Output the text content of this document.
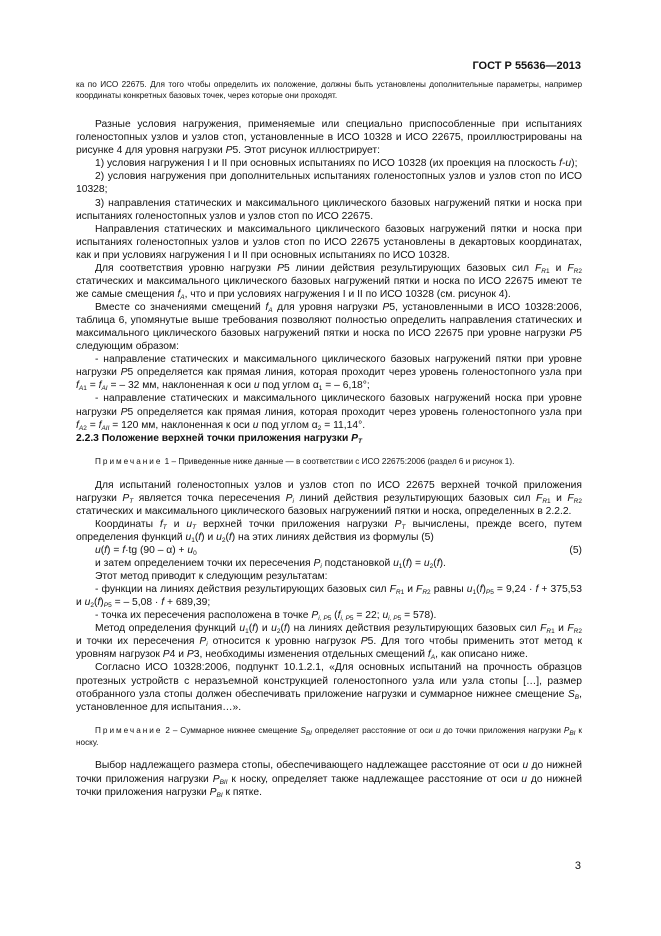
ГОСТ Р 55636—2013

ка по ИСО 22675. Для того чтобы определить их положение, должны быть установлены дополнительные параметры, например координаты конкретных базовых точек, через которые они проходят.

Разные условия нагружения, применяемые или специально приспособленные при испытаниях голеностопных узлов и узлов стоп, установленные в ИСО 10328 и ИСО 22675, проиллюстрированы на рисунке 4 для уровня нагрузки P5. Этот рисунок иллюстрирует:

1) условия нагружения I и II при основных испытаниях по ИСО 10328 (их проекция на плоскость f-u);

2) условия нагружения при дополнительных испытаниях голеностопных узлов и узлов стоп по ИСО 10328;

3) направления статических и максимального циклического базовых нагружений пятки и носка при испытаниях голеностопных узлов и узлов стоп по ИСО 22675.

Направления статических и максимального циклического базовых нагружений пятки и носка при испытаниях голеностопных узлов и узлов стоп по ИСО 22675 установлены в декартовых координатах, как и при условиях нагружения I и II при основных испытаниях по ИСО 10328.

Для соответствия уровню нагрузки P5 линии действия результирующих базовых сил $F_{R1}$ и $F_{R2}$ статических и максимального циклического базовых нагружений пятки и носка по ИСО 22675 имеют те же самые смещения $f_A$, что и при условиях нагружения I и II по ИСО 10328 (см. рисунок 4).

Вместе со значениями смещений $f_A$ для уровня нагрузки P5, установленными в ИСО 10328:2006, таблица 6, упомянутые выше требования позволяют полностью определить направления статических и максимального циклического базовых нагружений пятки и носка по ИСО 22675 при уровне нагрузки P5 следующим образом:

- направление статических и максимального циклического базовых нагружений пятки при уровне нагрузки P5 определяется как прямая линия, которая проходит через уровень голеностопного узла при $f_{A1} = f_{AI}$ = – 32 мм, наклоненная к оси u под углом $\alpha_1$ = – 6,18°;

- направление статических и максимального циклического базовых нагружений носка при уровне нагрузки P5 определяется как прямая линия, которая проходит через уровень голеностопного узла при $f_{A2} = f_{AII} = 120$ мм, наклоненная к оси u под углом $\alpha_2 = 11,14^\circ$.

2.2.3 Положение верхней точки приложения нагрузки $P_T$

Примечание 1 – Приведенные ниже данные — в соответствии с ИСО 22675:2006 (раздел 6 и рисунок 1).

Для испытаний голеностопных узлов и узлов стоп по ИСО 22675 верхней точкой приложения нагрузки $P_T$ является точка пересечения $P_i$ линий действия результирующих базовых сил $F_{R1}$ и $F_{R2}$ статических и максимального циклического базовых нагружениий пятки и носка, определенных в 2.2.2.

Координаты $f_T$ и $u_T$ верхней точки приложения нагрузки $P_T$ вычислены, прежде всего, путем определения функций $u_1(f)$ и $u_2(f)$ на этих линиях действия из формулы (5)

u(f) = f·tg $(90 - \alpha) + u_0$	(5)

и затем определением точки их пересечения $P_i$ подстановкой $u_1(f) = u_2(f)$.

Этот метод приводит к следующим результатам:

- функции на линиях действия результирующих базовых сил $F_{R1}$ и $F_{R2}$ равны $u_1(f)_{P5} = 9,24 \cdot f + 375,53$ и $u_2(f)_{P5}$ = – 5,08 · f + 689,39;

- точка их пересечения расположена в точке $P_{i, P5}$ ($f_{i, P5} = 22$; $u_{i, P5} = 578$).

Метод определения функций $u_1(f)$ и $u_2(f)$ на линиях действия результирующих базовых сил $F_{R1}$ и $F_{R2}$ и точки их пересечения $P_i$ относится к уровню нагрузок P5. Для того чтобы применить этот метод к уровням нагрузок P4 и P3, необходимы изменения отдельных смещений $f_A$, как описано ниже.

Согласно ИСО 10328:2006, подпункт 10.1.2.1, «Для основных испытаний на прочность образцов протезных устройств с неразъемной конструкцией голеностопного узла или узла стопы […], размер отобранного узла стопы должен обеспечивать приложение нагрузки и суммарное нижнее смещение $S_B$, установленное для испытания…».

Примечание 2 – Суммарное нижнее смещение $S_{BI}$ определяет расстояние от оси u до точки приложения нагрузки $P_{BI}$ к носку.

Выбор надлежащего размера стопы, обеспечивающего надлежащее расстояние от оси u до нижней точки приложения нагрузки $P_{BII}$ к носку, определяет также надлежащее расстояние от оси u до нижней точки приложения нагрузки $P_{BI}$ к пятке.

3
